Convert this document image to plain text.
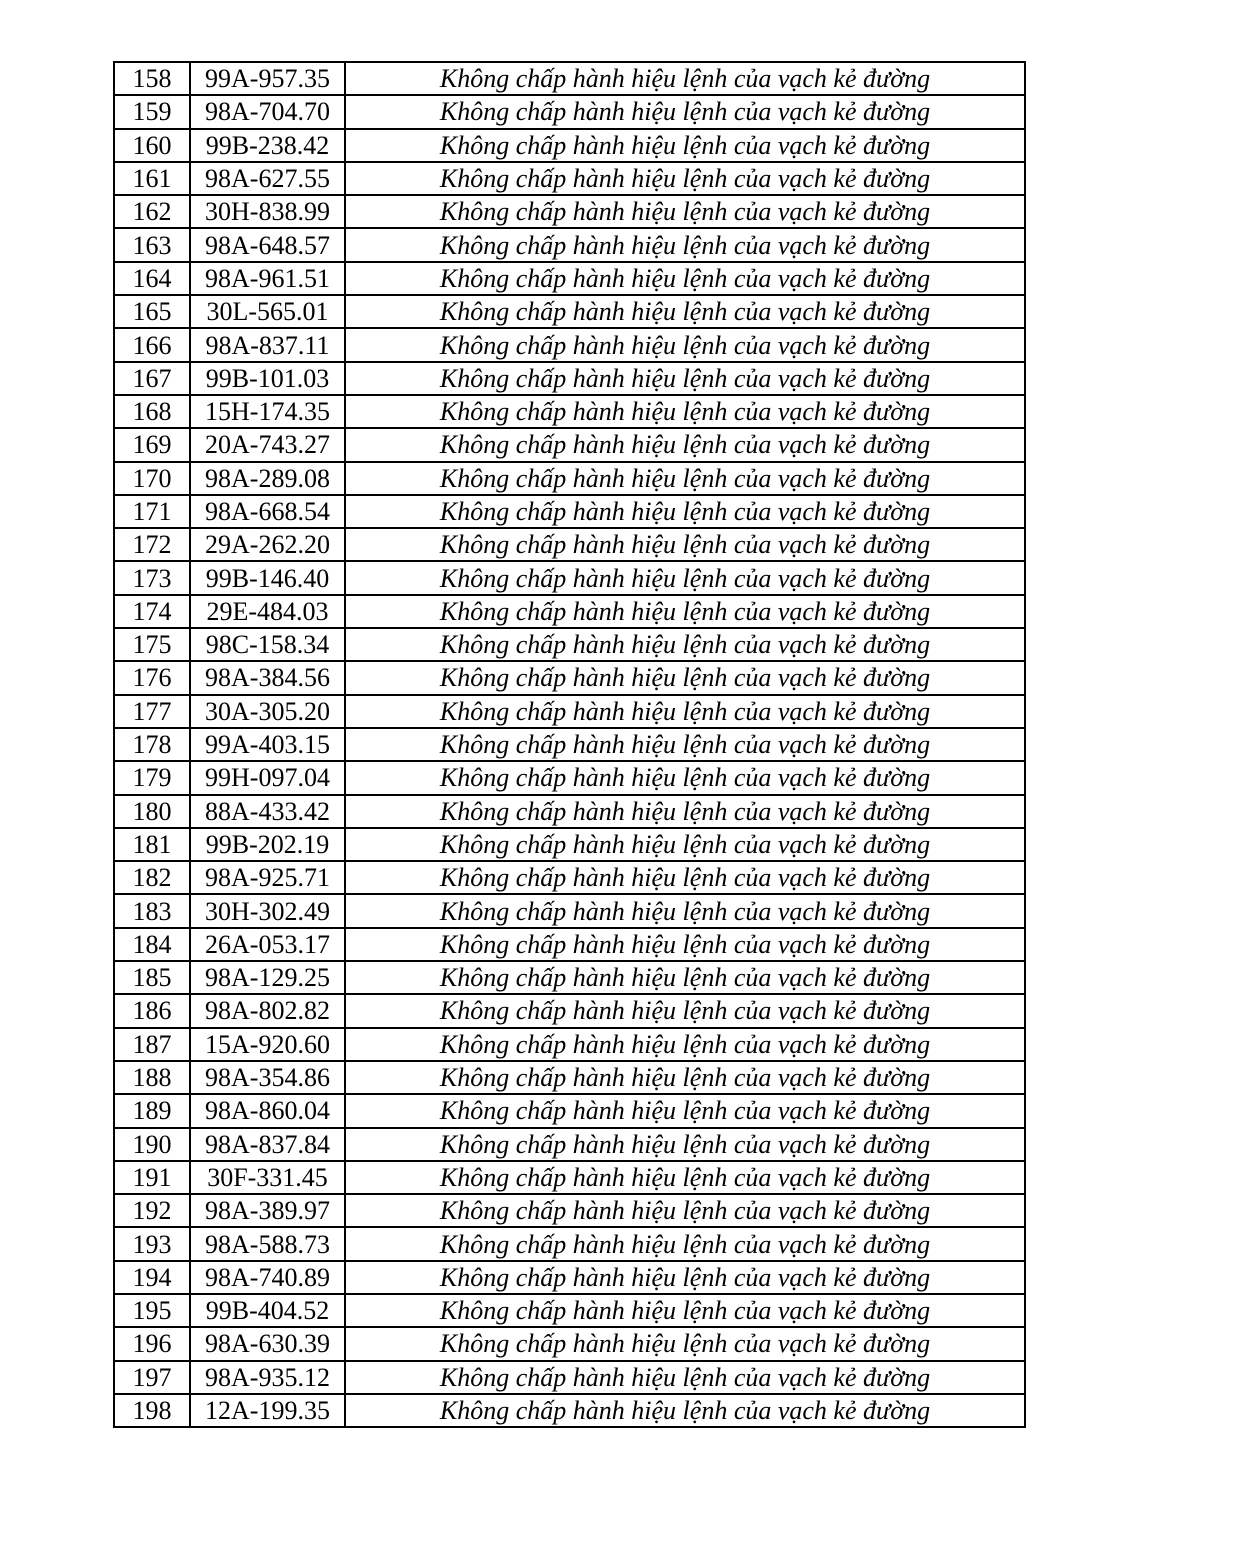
158	99A-957.35	Không chấp hành hiệu lệnh của vạch kẻ đường
159	98A-704.70	Không chấp hành hiệu lệnh của vạch kẻ đường
160	99B-238.42	Không chấp hành hiệu lệnh của vạch kẻ đường
161	98A-627.55	Không chấp hành hiệu lệnh của vạch kẻ đường
162	30H-838.99	Không chấp hành hiệu lệnh của vạch kẻ đường
163	98A-648.57	Không chấp hành hiệu lệnh của vạch kẻ đường
164	98A-961.51	Không chấp hành hiệu lệnh của vạch kẻ đường
165	30L-565.01	Không chấp hành hiệu lệnh của vạch kẻ đường
166	98A-837.11	Không chấp hành hiệu lệnh của vạch kẻ đường
167	99B-101.03	Không chấp hành hiệu lệnh của vạch kẻ đường
168	15H-174.35	Không chấp hành hiệu lệnh của vạch kẻ đường
169	20A-743.27	Không chấp hành hiệu lệnh của vạch kẻ đường
170	98A-289.08	Không chấp hành hiệu lệnh của vạch kẻ đường
171	98A-668.54	Không chấp hành hiệu lệnh của vạch kẻ đường
172	29A-262.20	Không chấp hành hiệu lệnh của vạch kẻ đường
173	99B-146.40	Không chấp hành hiệu lệnh của vạch kẻ đường
174	29E-484.03	Không chấp hành hiệu lệnh của vạch kẻ đường
175	98C-158.34	Không chấp hành hiệu lệnh của vạch kẻ đường
176	98A-384.56	Không chấp hành hiệu lệnh của vạch kẻ đường
177	30A-305.20	Không chấp hành hiệu lệnh của vạch kẻ đường
178	99A-403.15	Không chấp hành hiệu lệnh của vạch kẻ đường
179	99H-097.04	Không chấp hành hiệu lệnh của vạch kẻ đường
180	88A-433.42	Không chấp hành hiệu lệnh của vạch kẻ đường
181	99B-202.19	Không chấp hành hiệu lệnh của vạch kẻ đường
182	98A-925.71	Không chấp hành hiệu lệnh của vạch kẻ đường
183	30H-302.49	Không chấp hành hiệu lệnh của vạch kẻ đường
184	26A-053.17	Không chấp hành hiệu lệnh của vạch kẻ đường
185	98A-129.25	Không chấp hành hiệu lệnh của vạch kẻ đường
186	98A-802.82	Không chấp hành hiệu lệnh của vạch kẻ đường
187	15A-920.60	Không chấp hành hiệu lệnh của vạch kẻ đường
188	98A-354.86	Không chấp hành hiệu lệnh của vạch kẻ đường
189	98A-860.04	Không chấp hành hiệu lệnh của vạch kẻ đường
190	98A-837.84	Không chấp hành hiệu lệnh của vạch kẻ đường
191	30F-331.45	Không chấp hành hiệu lệnh của vạch kẻ đường
192	98A-389.97	Không chấp hành hiệu lệnh của vạch kẻ đường
193	98A-588.73	Không chấp hành hiệu lệnh của vạch kẻ đường
194	98A-740.89	Không chấp hành hiệu lệnh của vạch kẻ đường
195	99B-404.52	Không chấp hành hiệu lệnh của vạch kẻ đường
196	98A-630.39	Không chấp hành hiệu lệnh của vạch kẻ đường
197	98A-935.12	Không chấp hành hiệu lệnh của vạch kẻ đường
198	12A-199.35	Không chấp hành hiệu lệnh của vạch kẻ đường
